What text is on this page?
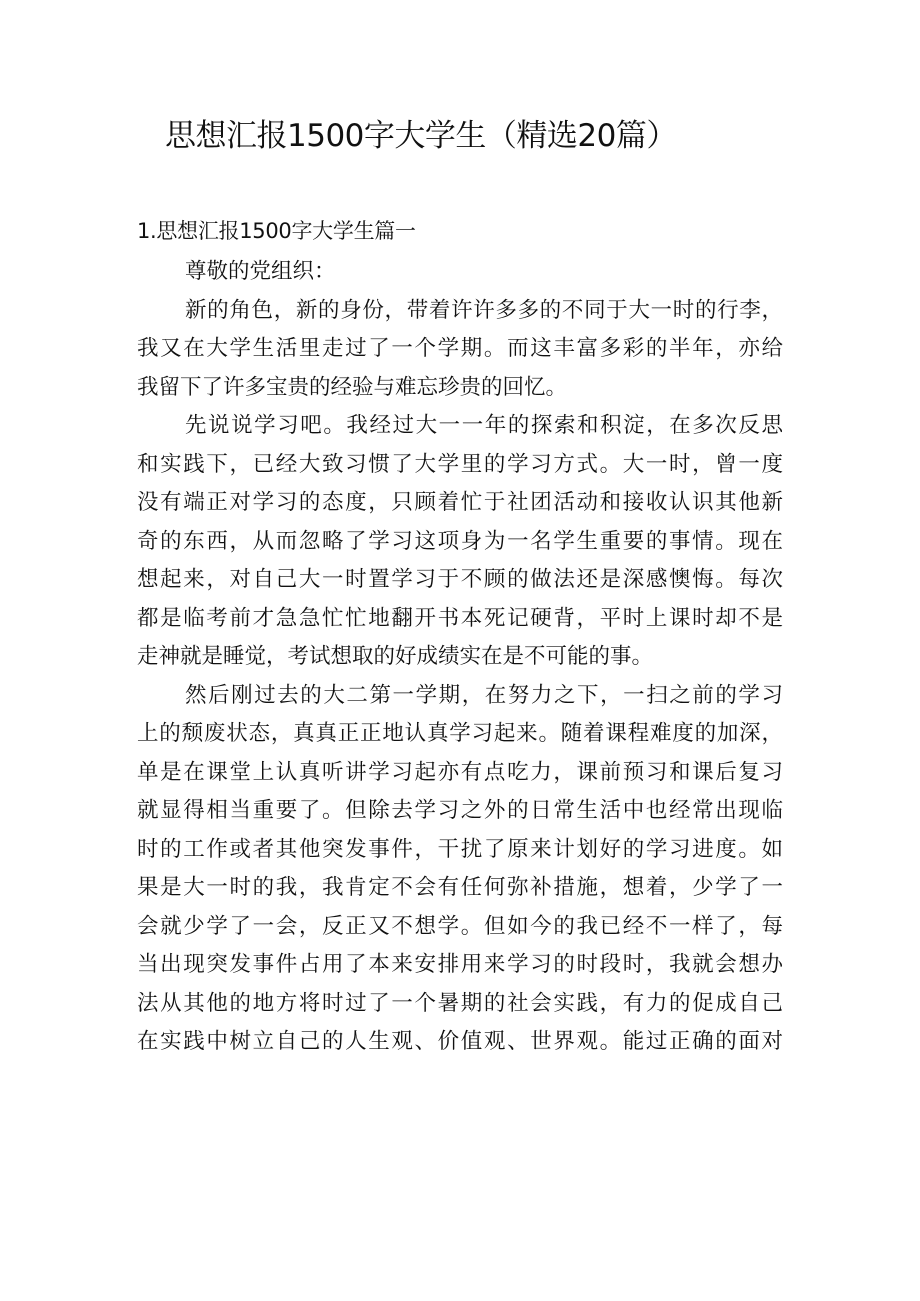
思想汇报1500字大学生（精选20篇）
1.思想汇报1500字大学生篇一
尊敬的党组织：
新的角色，新的身份，带着许许多多的不同于大一时的行李，
我又在大学生活里走过了一个学期。而这丰富多彩的半年，亦给
我留下了许多宝贵的经验与难忘珍贵的回忆。
先说说学习吧。我经过大一一年的探索和积淀，在多次反思
和实践下，已经大致习惯了大学里的学习方式。大一时，曾一度
没有端正对学习的态度，只顾着忙于社团活动和接收认识其他新
奇的东西，从而忽略了学习这项身为一名学生重要的事情。现在
想起来，对自己大一时置学习于不顾的做法还是深感懊悔。每次
都是临考前才急急忙忙地翻开书本死记硬背，平时上课时却不是
走神就是睡觉，考试想取的好成绩实在是不可能的事。
然后刚过去的大二第一学期，在努力之下，一扫之前的学习
上的颓废状态，真真正正地认真学习起来。随着课程难度的加深，
单是在课堂上认真听讲学习起亦有点吃力，课前预习和课后复习
就显得相当重要了。但除去学习之外的日常生活中也经常出现临
时的工作或者其他突发事件，干扰了原来计划好的学习进度。如
果是大一时的我，我肯定不会有任何弥补措施，想着，少学了一
会就少学了一会，反正又不想学。但如今的我已经不一样了，每
当出现突发事件占用了本来安排用来学习的时段时，我就会想办
法从其他的地方将时过了一个暑期的社会实践，有力的促成自己
在实践中树立自己的人生观、价值观、世界观。能过正确的面对
